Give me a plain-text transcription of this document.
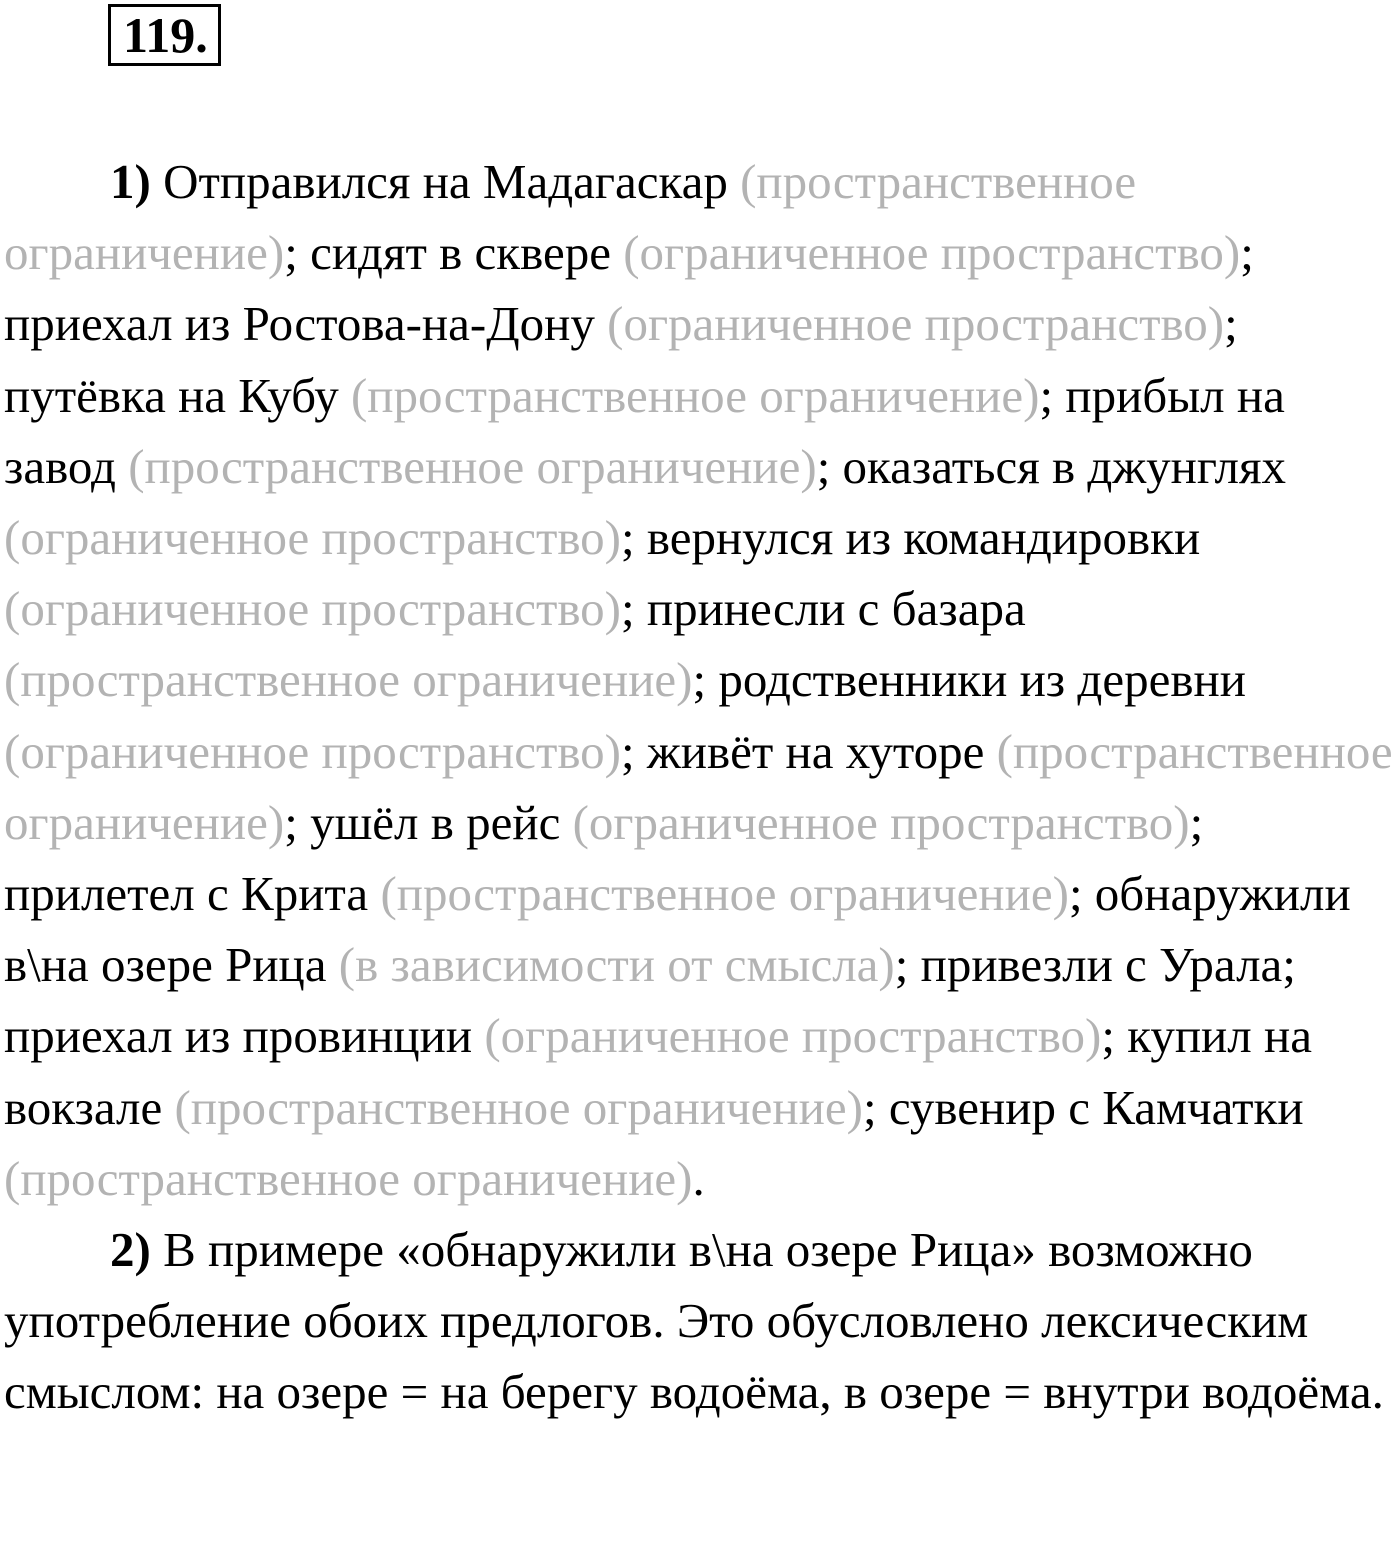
119.

1) Отправился на Мадагаскар (пространственное ограничение); сидят в сквере (ограниченное пространство); приехал из Ростова-на-Дону (ограниченное пространство); путёвка на Кубу (пространственное ограничение); прибыл на завод (пространственное ограничение); оказаться в джунглях (ограниченное пространство); вернулся из командировки (ограниченное пространство); принесли с базара (пространственное ограничение); родственники из деревни (ограниченное пространство); живёт на хуторе (пространственное ограничение); ушёл в рейс (ограниченное пространство); прилетел с Крита (пространственное ограничение); обнаружили в\на озере Рица (в зависимости от смысла); привезли с Урала; приехал из провинции (ограниченное пространство); купил на вокзале (пространственное ограничение); сувенир с Камчатки (пространственное ограничение).

2) В примере «обнаружили в\на озере Рица» возможно употребление обоих предлогов. Это обусловлено лексическим смыслом: на озере = на берегу водоёма, в озере = внутри водоёма.
